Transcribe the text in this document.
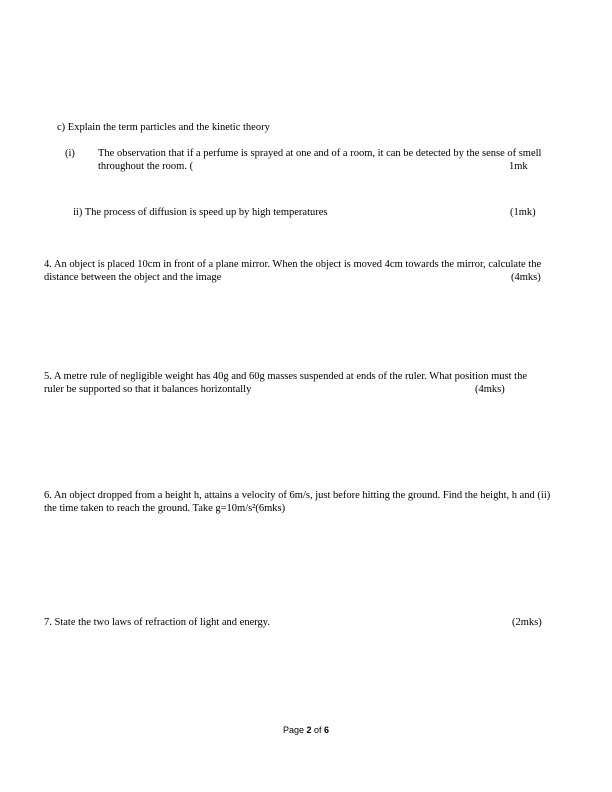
c) Explain the term particles and the kinetic theory
(i) The observation that if a perfume is sprayed at one and of a room, it can be detected by the sense of smell throughout the room. (	1mk
ii) The process of diffusion is speed up by high temperatures	(1mk)
4. An object is placed 10cm in front of a plane mirror. When the object is moved 4cm towards the mirror, calculate the distance between the object and the image	(4mks)
5. A metre rule of negligible weight has 40g and 60g masses suspended at ends of the ruler. What position must the ruler be supported so that it balances horizontally	(4mks)
6. An object dropped from a height h, attains a velocity of 6m/s, just before hitting the ground. Find the height, h and (ii) the time taken to reach the ground. Take g=10m/s²(6mks)
7. State the two laws of refraction of light and energy.	(2mks)
Page 2 of 6
